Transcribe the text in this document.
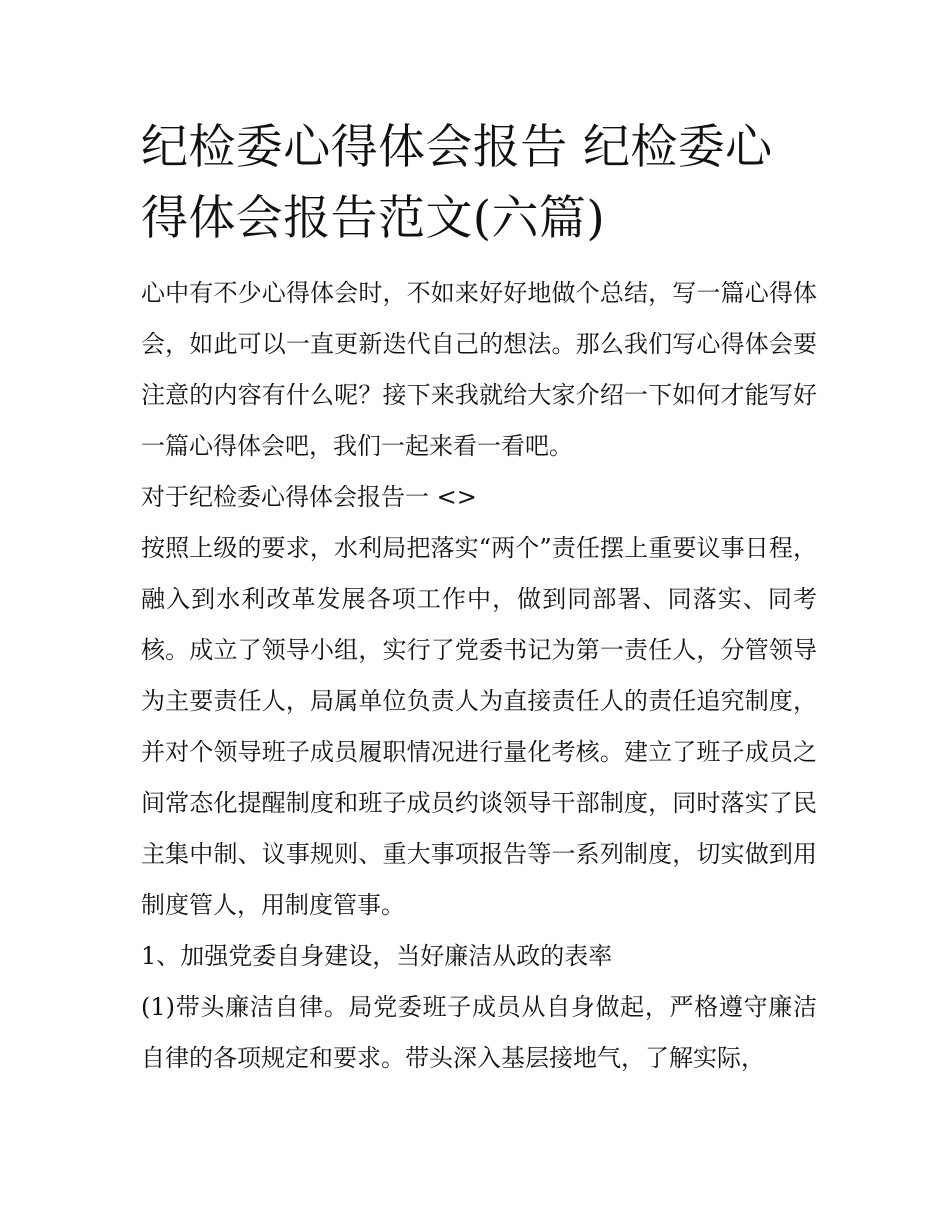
纪检委心得体会报告 纪检委心得体会报告范文(六篇)

心中有不少心得体会时，不如来好好地做个总结，写一篇心得体会，如此可以一直更新迭代自己的想法。那么我们写心得体会要注意的内容有什么呢？接下来我就给大家介绍一下如何才能写好一篇心得体会吧，我们一起来看一看吧。

对于纪检委心得体会报告一 <>

按照上级的要求，水利局把落实“两个”责任摆上重要议事日程，融入到水利改革发展各项工作中，做到同部署、同落实、同考核。成立了领导小组，实行了党委书记为第一责任人，分管领导为主要责任人，局属单位负责人为直接责任人的责任追究制度，并对个领导班子成员履职情况进行量化考核。建立了班子成员之间常态化提醒制度和班子成员约谈领导干部制度，同时落实了民主集中制、议事规则、重大事项报告等一系列制度，切实做到用制度管人，用制度管事。

1、加强党委自身建设，当好廉洁从政的表率

(1)带头廉洁自律。局党委班子成员从自身做起，严格遵守廉洁自律的各项规定和要求。带头深入基层接地气，了解实际，
